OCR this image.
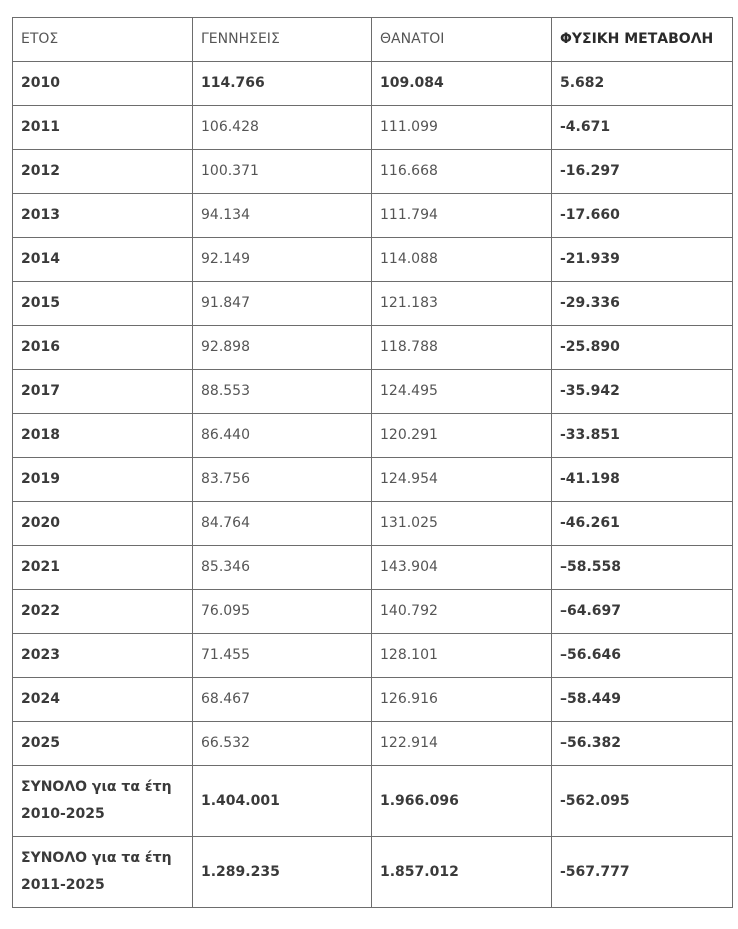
ΕΤΟΣ	ΓΕΝΝΗΣΕΙΣ	ΘΑΝΑΤΟΙ	ΦΥΣΙΚΗ ΜΕΤΑΒΟΛΗ
2010	114.766	109.084	5.682
2011	106.428	111.099	-4.671
2012	100.371	116.668	-16.297
2013	94.134	111.794	-17.660
2014	92.149	114.088	-21.939
2015	91.847	121.183	-29.336
2016	92.898	118.788	-25.890
2017	88.553	124.495	-35.942
2018	86.440	120.291	-33.851
2019	83.756	124.954	-41.198
2020	84.764	131.025	-46.261
2021	85.346	143.904	–58.558
2022	76.095	140.792	–64.697
2023	71.455	128.101	–56.646
2024	68.467	126.916	–58.449
2025	66.532	122.914	–56.382
ΣΥΝΟΛΟ για τα έτη 2010-2025	1.404.001	1.966.096	-562.095
ΣΥΝΟΛΟ για τα έτη 2011-2025	1.289.235	1.857.012	-567.777
